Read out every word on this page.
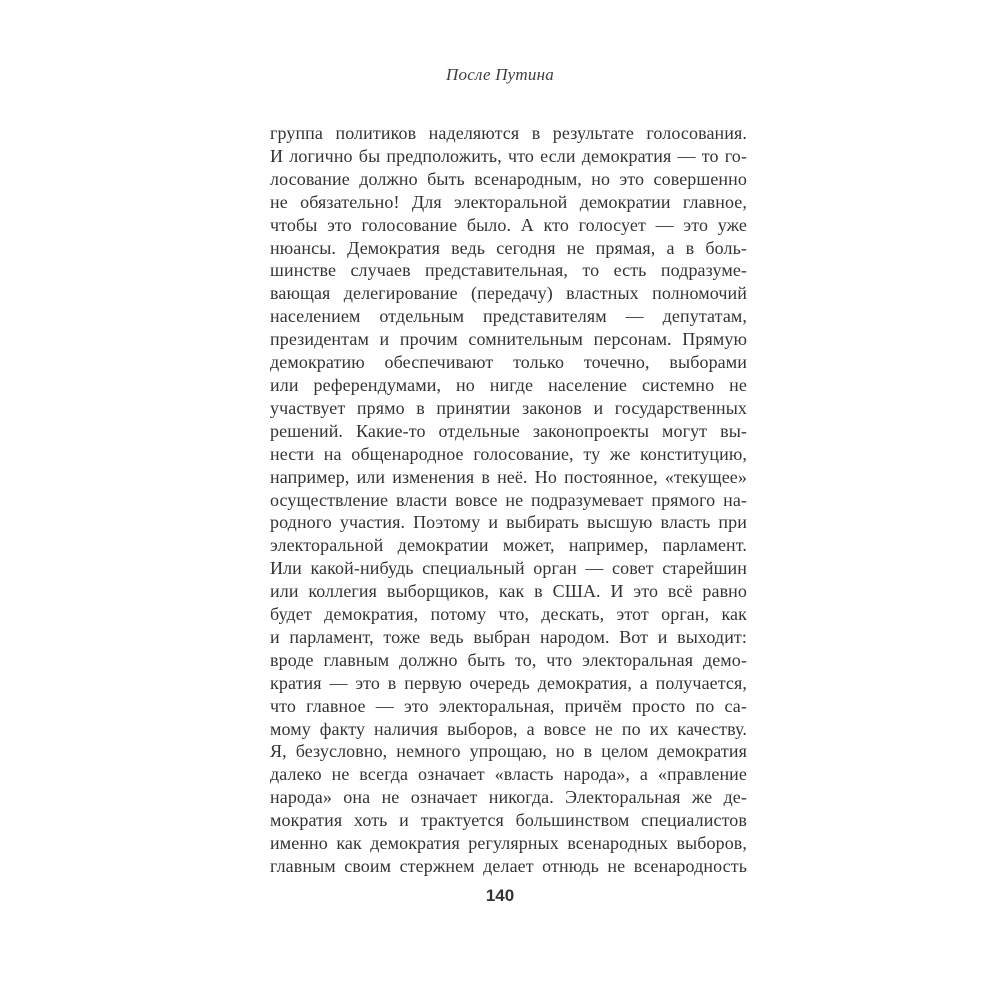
После Путина
группа политиков наделяются в результате голосования.
И логично бы предположить, что если демократия — то го-
лосование должно быть всенародным, но это совершенно
не обязательно! Для электоральной демократии главное,
чтобы это голосование было. А кто голосует — это уже
нюансы. Демократия ведь сегодня не прямая, а в боль-
шинстве случаев представительная, то есть подразуме-
вающая делегирование (передачу) властных полномочий
населением отдельным представителям — депутатам,
президентам и прочим сомнительным персонам. Прямую
демократию обеспечивают только точечно, выборами
или референдумами, но нигде население системно не
участвует прямо в принятии законов и государственных
решений. Какие-то отдельные законопроекты могут вы-
нести на общенародное голосование, ту же конституцию,
например, или изменения в неё. Но постоянное, «текущее»
осуществление власти вовсе не подразумевает прямого на-
родного участия. Поэтому и выбирать высшую власть при
электоральной демократии может, например, парламент.
Или какой-нибудь специальный орган — совет старейшин
или коллегия выборщиков, как в США. И это всё равно
будет демократия, потому что, дескать, этот орган, как
и парламент, тоже ведь выбран народом. Вот и выходит:
вроде главным должно быть то, что электоральная демо-
кратия — это в первую очередь демократия, а получается,
что главное — это электоральная, причём просто по са-
мому факту наличия выборов, а вовсе не по их качеству.
Я, безусловно, немного упрощаю, но в целом демократия
далеко не всегда означает «власть народа», а «правление
народа» она не означает никогда. Электоральная же де-
мократия хоть и трактуется большинством специалистов
именно как демократия регулярных всенародных выборов,
главным своим стержнем делает отнюдь не всенародность
140
